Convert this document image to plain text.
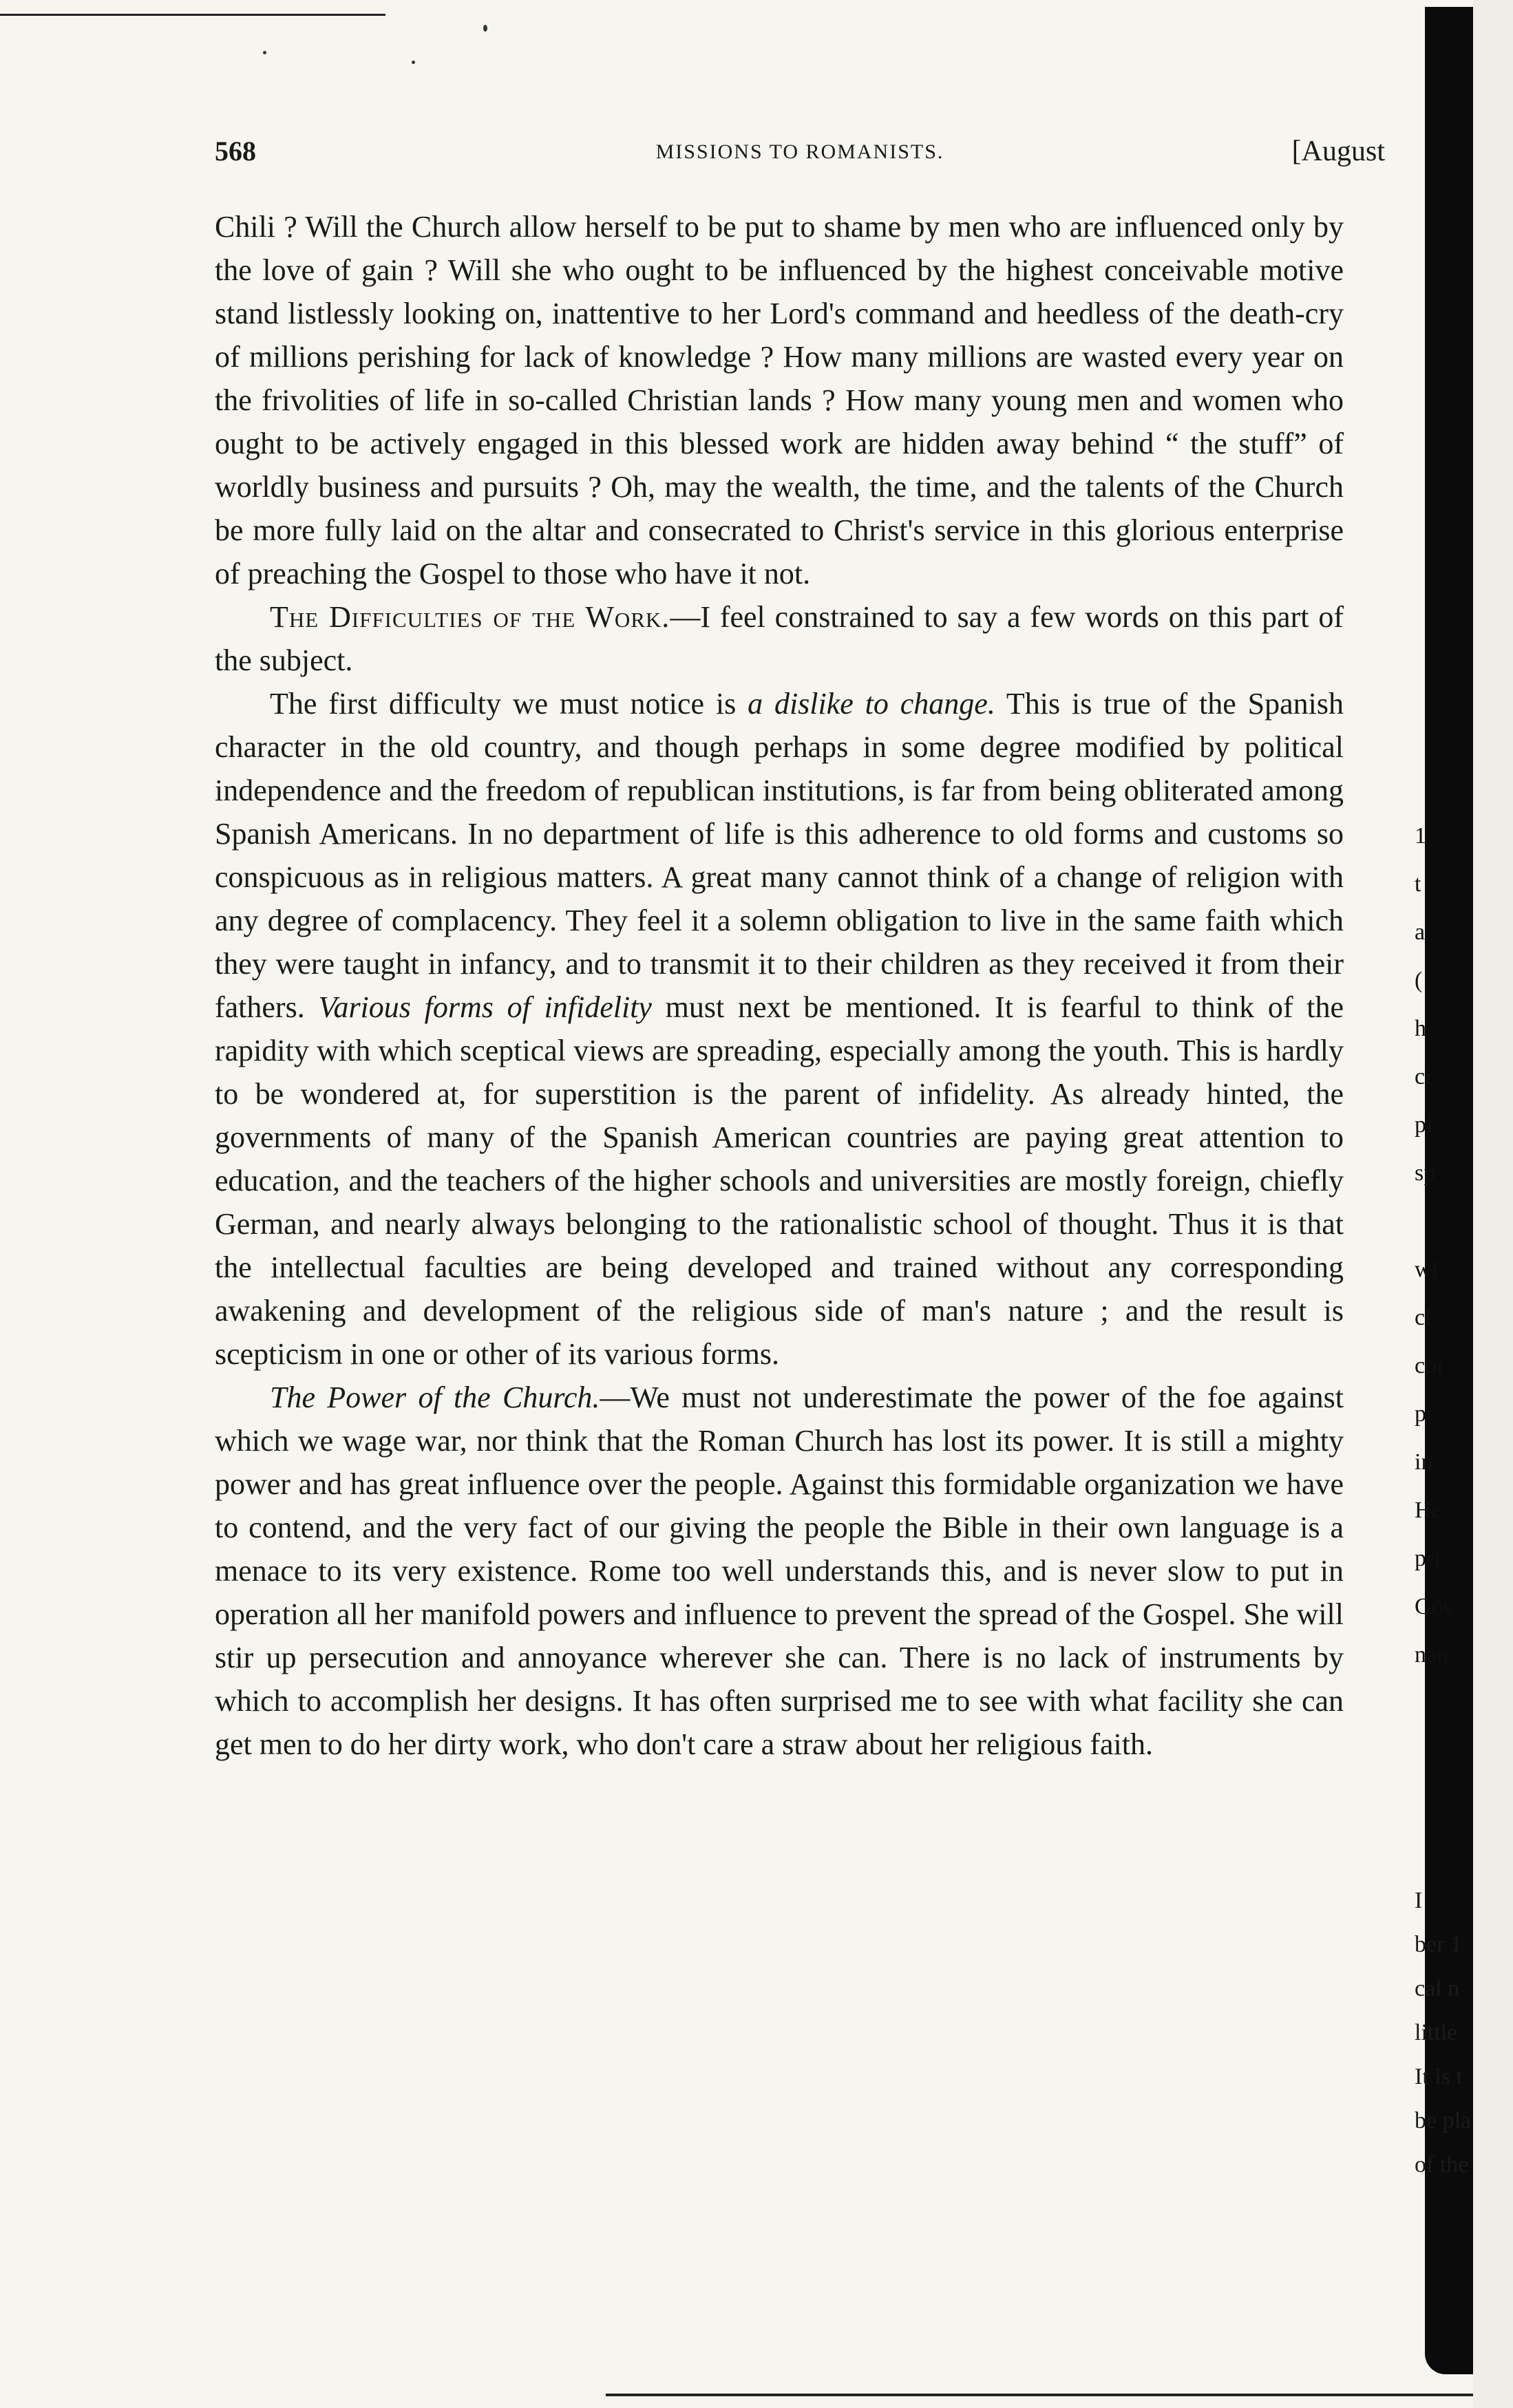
568	MISSIONS TO ROMANISTS.	[August

Chili ? Will the Church allow herself to be put to shame by men who are influenced only by the love of gain ? Will she who ought to be influenced by the highest conceivable motive stand listlessly looking on, inattentive to her Lord's command and heedless of the death-cry of millions perishing for lack of knowledge ? How many millions are wasted every year on the frivolities of life in so-called Christian lands ? How many young men and women who ought to be actively engaged in this blessed work are hidden away behind “ the stuff” of worldly business and pursuits ? Oh, may the wealth, the time, and the talents of the Church be more fully laid on the altar and consecrated to Christ's service in this glorious enterprise of preaching the Gospel to those who have it not.

The Difficulties of the Work.—I feel constrained to say a few words on this part of the subject.

The first difficulty we must notice is a dislike to change. This is true of the Spanish character in the old country, and though perhaps in some degree modified by political independence and the freedom of republican institutions, is far from being obliterated among Spanish Americans. In no department of life is this adherence to old forms and customs so conspicuous as in religious matters. A great many cannot think of a change of religion with any degree of complacency. They feel it a solemn obligation to live in the same faith which they were taught in infancy, and to transmit it to their children as they received it from their fathers. Various forms of infidelity must next be mentioned. It is fearful to think of the rapidity with which sceptical views are spreading, especially among the youth. This is hardly to be wondered at, for superstition is the parent of infidelity. As already hinted, the governments of many of the Spanish American countries are paying great attention to education, and the teachers of the higher schools and universities are mostly foreign, chiefly German, and nearly always belonging to the rationalistic school of thought. Thus it is that the intellectual faculties are being developed and trained without any corresponding awakening and development of the religious side of man's nature ; and the result is scepticism in one or other of its various forms.

The Power of the Church.—We must not underestimate the power of the foe against which we wage war, nor think that the Roman Church has lost its power. It is still a mighty power and has great influence over the people. Against this formidable organization we have to contend, and the very fact of our giving the people the Bible in their own language is a menace to its very existence. Rome too well understands this, and is never slow to put in operation all her manifold powers and influence to prevent the spread of the Gospel. She will stir up persecution and annoyance wherever she can. There is no lack of instruments by which to accomplish her designs. It has often surprised me to see with what facility she can get men to do her dirty work, who don't care a straw about her religious faith.

1
t
a
(
h
ci
pi
sp
wl
cl
coi
pr
in :
He
pri
Gos
nan
I
ber 1
cal n
little
It is t
be pla
of the
